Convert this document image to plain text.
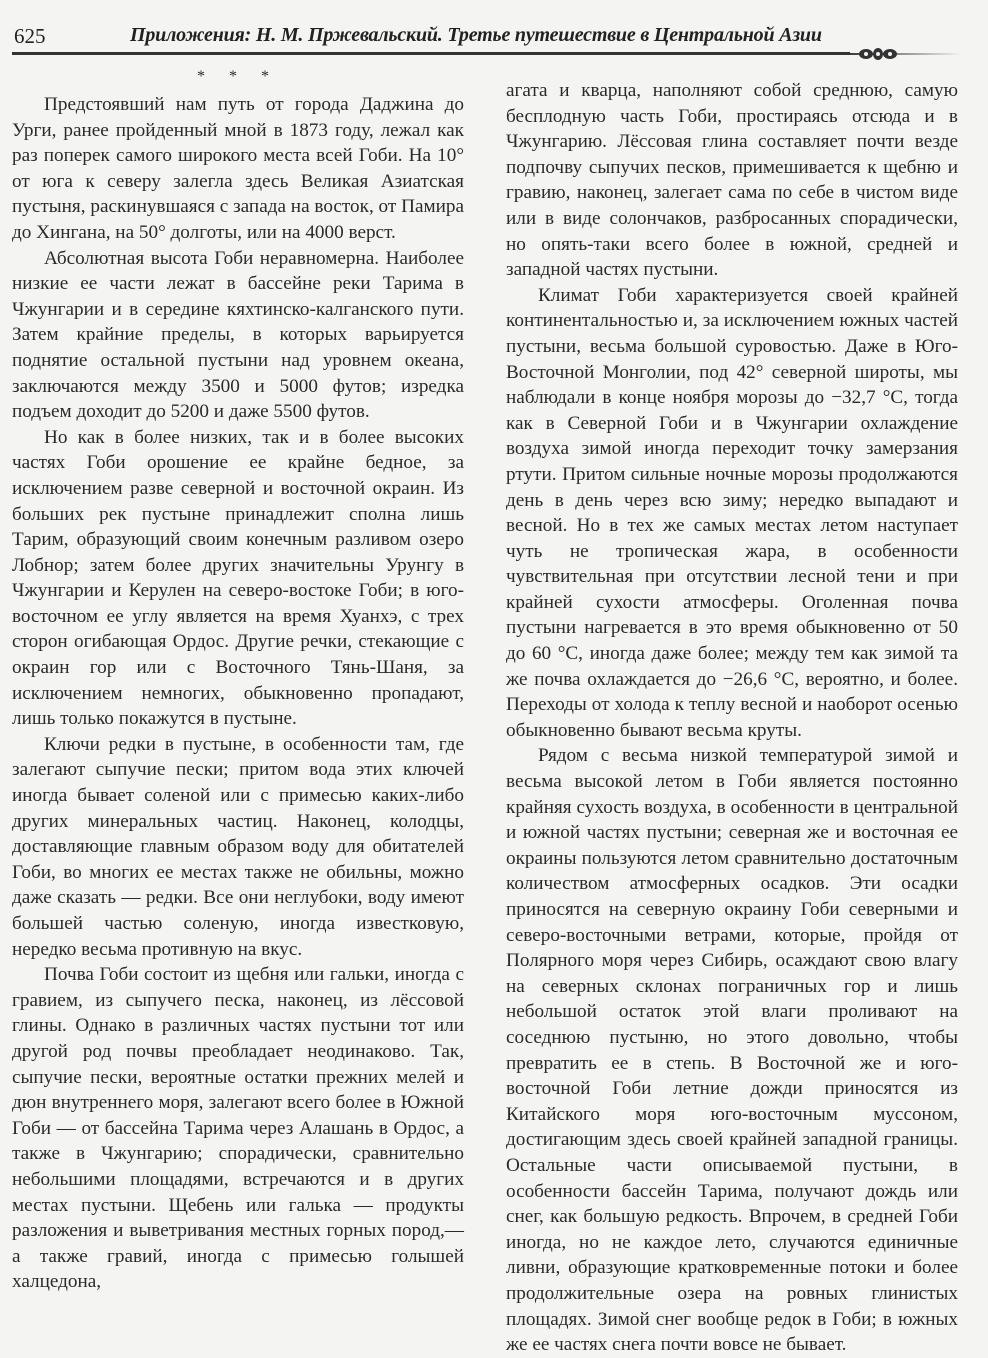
625	Приложения: Н. М. Пржевальский. Третье путешествие в Центральной Азии
* * *

Предстоявший нам путь от города Даджина до Урги, ранее пройденный мной в 1873 году, лежал как раз поперек самого широкого места всей Гоби. На 10° от юга к северу залегла здесь Великая Азиатская пустыня, раскинувшаяся с запада на восток, от Памира до Хингана, на 50° долготы, или на 4000 верст.

Абсолютная высота Гоби неравномерна. Наиболее низкие ее части лежат в бассейне реки Тарима в Чжунгарии и в середине кяхтинско-калганского пути. Затем крайние пределы, в которых варьируется поднятие остальной пустыни над уровнем океана, заключаются между 3500 и 5000 футов; изредка подъем доходит до 5200 и даже 5500 футов.

Но как в более низких, так и в более высоких частях Гоби орошение ее крайне бедное, за исключением разве северной и восточной окраин. Из больших рек пустыне принадлежит сполна лишь Тарим, образующий своим конечным разливом озеро Лобнор; затем более других значительны Урунгу в Чжунгарии и Керулен на северо-востоке Гоби; в юго-восточном ее углу является на время Хуанхэ, с трех сторон огибающая Ордос. Другие речки, стекающие с окраин гор или с Восточного Тянь-Шаня, за исключением немногих, обыкновенно пропадают, лишь только покажутся в пустыне.

Ключи редки в пустыне, в особенности там, где залегают сыпучие пески; притом вода этих ключей иногда бывает соленой или с примесью каких-либо других минеральных частиц. Наконец, колодцы, доставляющие главным образом воду для обитателей Гоби, во многих ее местах также не обильны, можно даже сказать — редки. Все они неглубоки, воду имеют большей частью соленую, иногда известковую, нередко весьма противную на вкус.

Почва Гоби состоит из щебня или гальки, иногда с гравием, из сыпучего песка, наконец, из лёссовой глины. Однако в различных частях пустыни тот или другой род почвы преобладает неодинаково. Так, сыпучие пески, вероятные остатки прежних мелей и дюн внутреннего моря, залегают всего более в Южной Гоби — от бассейна Тарима через Алашань в Ордос, а также в Чжунгарию; спорадически, сравнительно небольшими площадями, встречаются и в других местах пустыни. Щебень или галька — продукты разложения и выветривания местных горных пород,— а также гравий, иногда с примесью голышей халцедона,

агата и кварца, наполняют собой среднюю, самую бесплодную часть Гоби, простираясь отсюда и в Чжунгарию. Лёссовая глина составляет почти везде подпочву сыпучих песков, примешивается к щебню и гравию, наконец, залегает сама по себе в чистом виде или в виде солончаков, разбросанных спорадически, но опять-таки всего более в южной, средней и западной частях пустыни.

Климат Гоби характеризуется своей крайней континентальностью и, за исключением южных частей пустыни, весьма большой суровостью. Даже в Юго-Восточной Монголии, под 42° северной широты, мы наблюдали в конце ноября морозы до −32,7 °C, тогда как в Северной Гоби и в Чжунгарии охлаждение воздуха зимой иногда переходит точку замерзания ртути. Притом сильные ночные морозы продолжаются день в день через всю зиму; нередко выпадают и весной. Но в тех же самых местах летом наступает чуть не тропическая жара, в особенности чувствительная при отсутствии лесной тени и при крайней сухости атмосферы. Оголенная почва пустыни нагревается в это время обыкновенно от 50 до 60 °C, иногда даже более; между тем как зимой та же почва охлаждается до −26,6 °C, вероятно, и более. Переходы от холода к теплу весной и наоборот осенью обыкновенно бывают весьма круты.

Рядом с весьма низкой температурой зимой и весьма высокой летом в Гоби является постоянно крайняя сухость воздуха, в особенности в центральной и южной частях пустыни; северная же и восточная ее окраины пользуются летом сравнительно достаточным количеством атмосферных осадков. Эти осадки приносятся на северную окраину Гоби северными и северо-восточными ветрами, которые, пройдя от Полярного моря через Сибирь, осаждают свою влагу на северных склонах пограничных гор и лишь небольшой остаток этой влаги проливают на соседнюю пустыню, но этого довольно, чтобы превратить ее в степь. В Восточной же и юго-восточной Гоби летние дожди приносятся из Китайского моря юго-восточным муссоном, достигающим здесь своей крайней западной границы. Остальные части описываемой пустыни, в особенности бассейн Тарима, получают дождь или снег, как большую редкость. Впрочем, в средней Гоби иногда, но не каждое лето, случаются единичные ливни, образующие кратковременные потоки и более продолжительные озера на ровных глинистых площадях. Зимой снег вообще редок в Гоби; в южных же ее частях снега почти вовсе не бывает.
